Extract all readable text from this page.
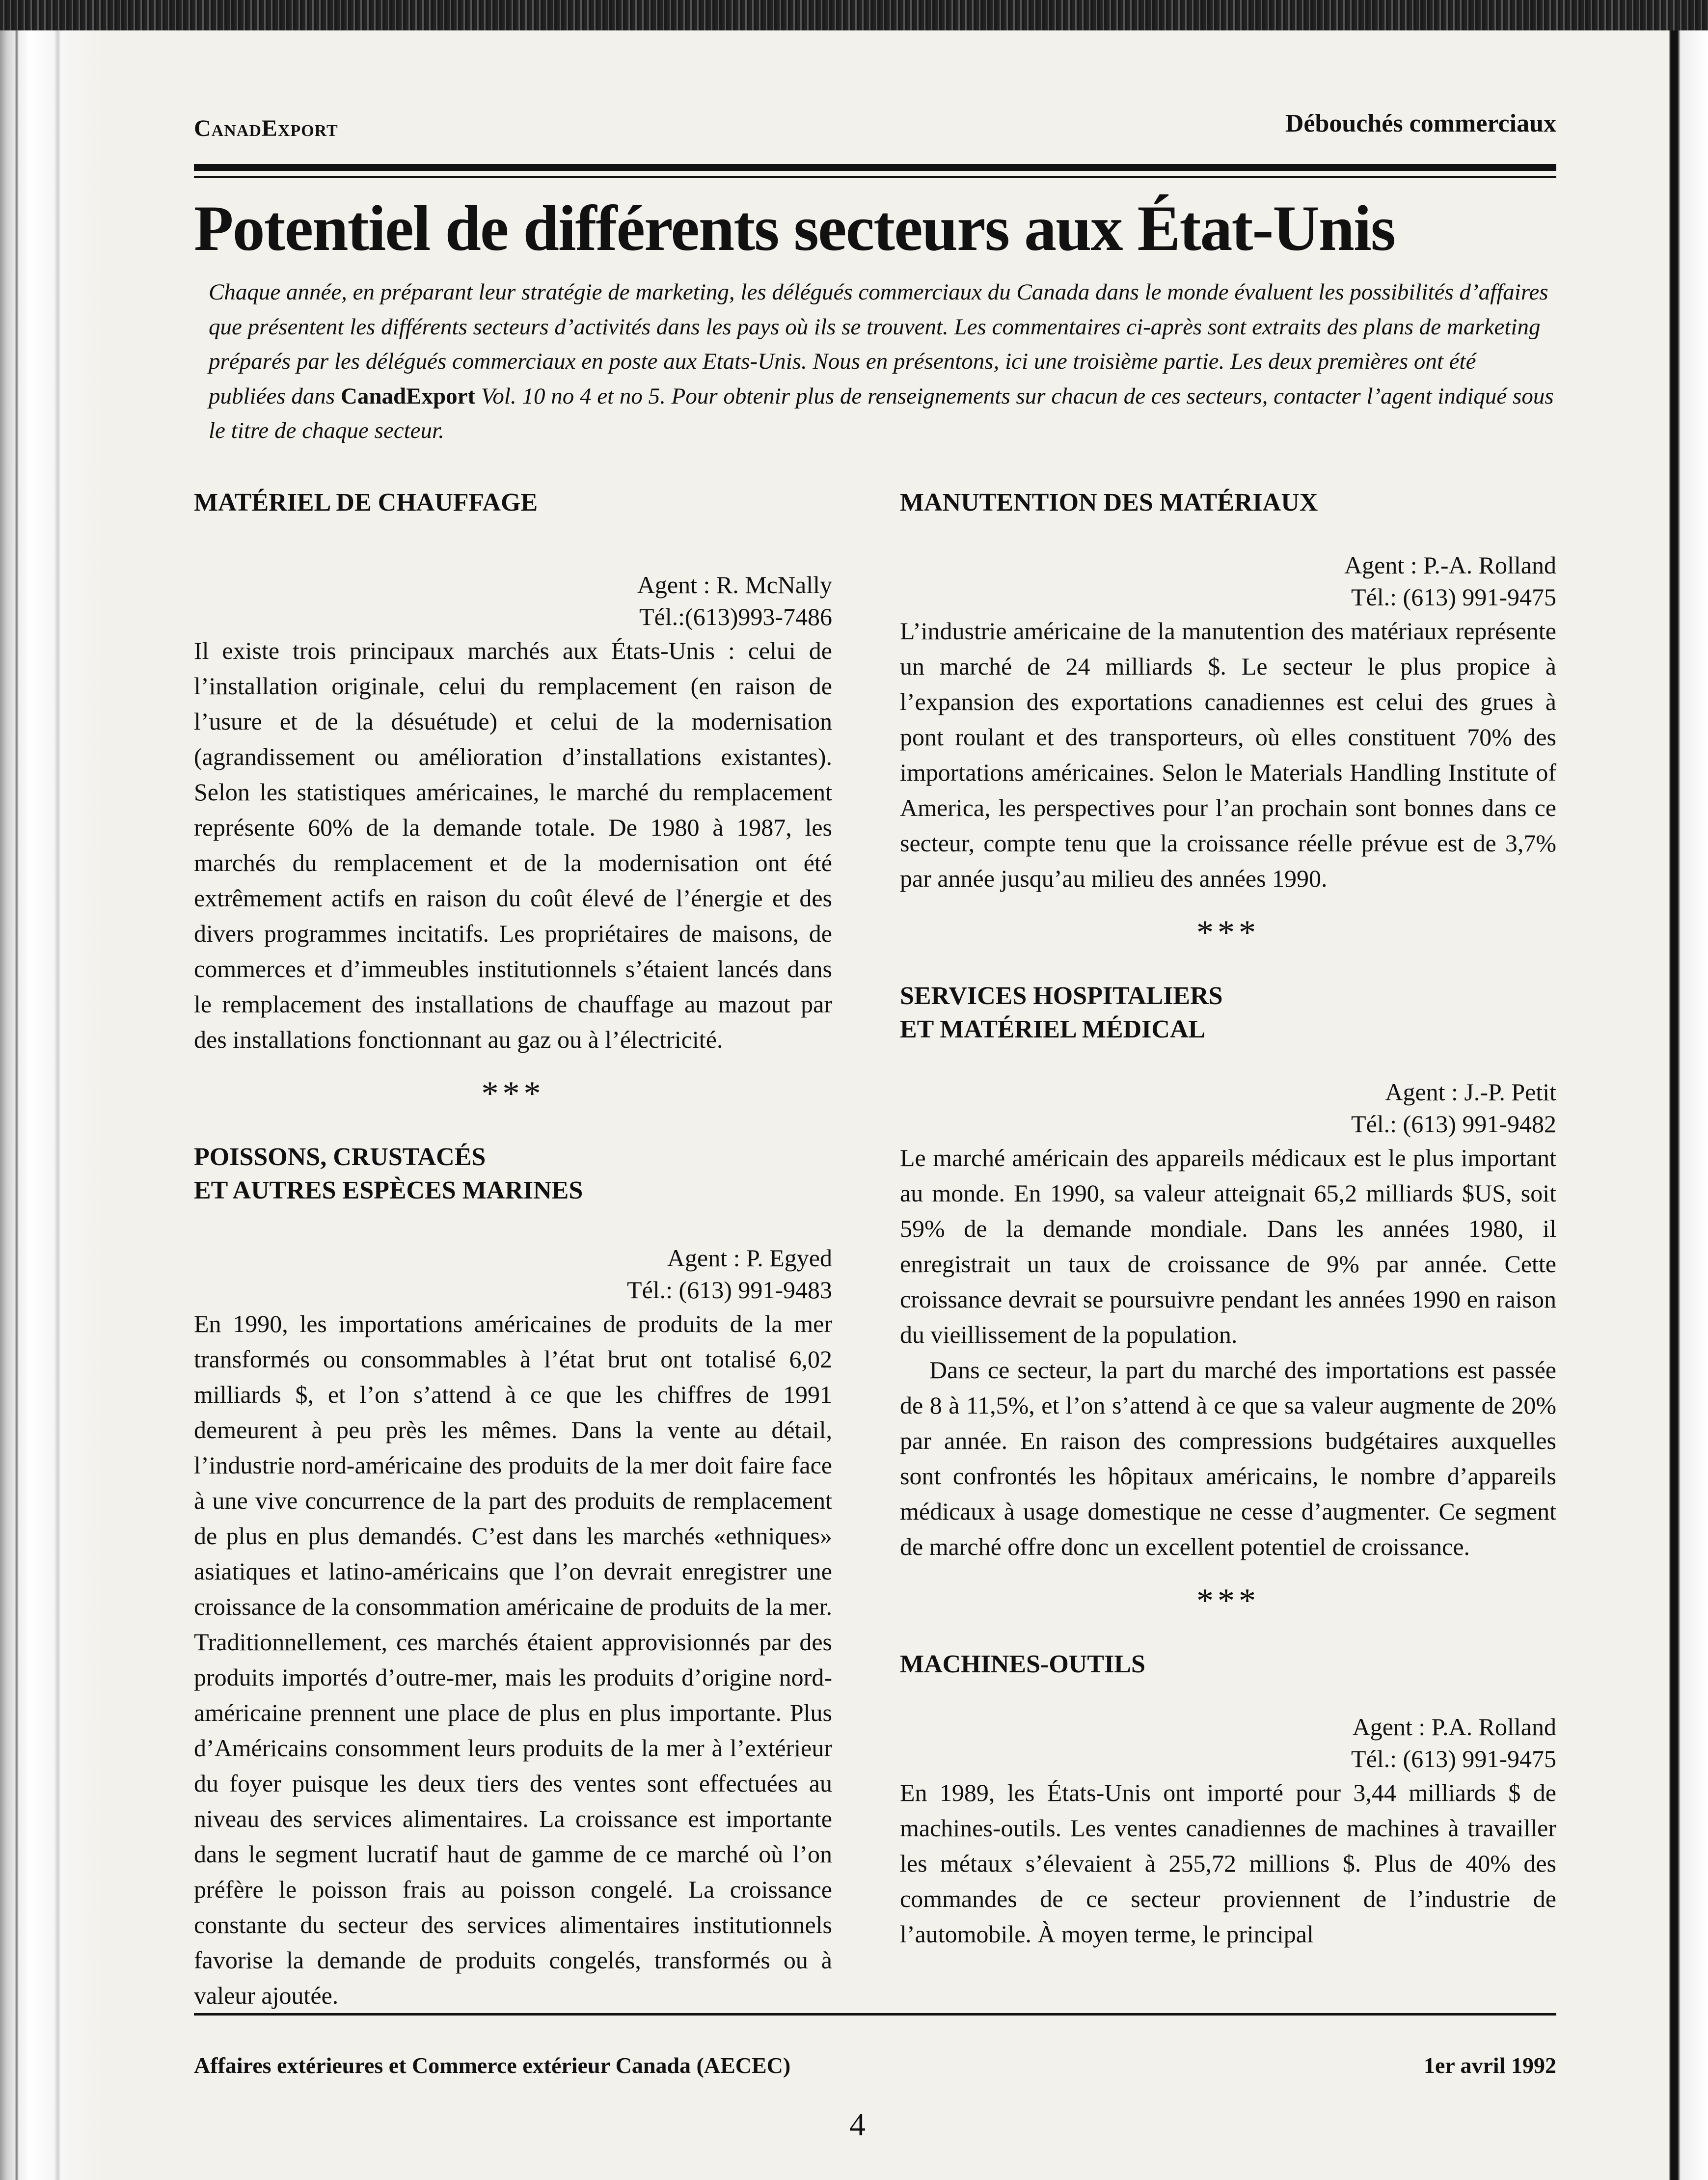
CanadExport	Débouchés commerciaux
Potentiel de différents secteurs aux État-Unis

Chaque année, en préparant leur stratégie de marketing, les délégués commerciaux du Canada dans le monde évaluent les possibilités d’affaires que présentent les différents secteurs d’activités dans les pays où ils se trouvent. Les commentaires ci-après sont extraits des plans de marketing préparés par les délégués commerciaux en poste aux Etats-Unis. Nous en présentons, ici une troisième partie. Les deux premières ont été publiées dans CanadExport Vol. 10 no 4 et no 5. Pour obtenir plus de renseignements sur chacun de ces secteurs, contacter l’agent indiqué sous le titre de chaque secteur.

MATÉRIEL DE CHAUFFAGE
Agent : R. McNally
Tél.:(613)993-7486

Il existe trois principaux marchés aux États-Unis : celui de l’installation originale, celui du remplacement (en raison de l’usure et de la désuétude) et celui de la modernisation (agrandissement ou amélioration d’installations existantes). Selon les statistiques américaines, le marché du remplacement représente 60% de la demande totale. De 1980 à 1987, les marchés du remplacement et de la modernisation ont été extrêmement actifs en raison du coût élevé de l’énergie et des divers programmes incitatifs. Les propriétaires de maisons, de commerces et d’immeubles institutionnels s’étaient lancés dans le remplacement des installations de chauffage au mazout par des installations fonctionnant au gaz ou à l’électricité.

***
POISSONS, CRUSTACÉS
ET AUTRES ESPÈCES MARINES
Agent : P. Egyed
Tél.: (613) 991-9483

En 1990, les importations américaines de produits de la mer transformés ou consommables à l’état brut ont totalisé 6,02 milliards $, et l’on s’attend à ce que les chiffres de 1991 demeurent à peu près les mêmes. Dans la vente au détail, l’industrie nord-américaine des produits de la mer doit faire face à une vive concurrence de la part des produits de remplacement de plus en plus demandés. C’est dans les marchés «ethniques» asiatiques et latino-américains que l’on devrait enregistrer une croissance de la consommation américaine de produits de la mer. Traditionnellement, ces marchés étaient approvisionnés par des produits importés d’outre-mer, mais les produits d’origine nord-américaine prennent une place de plus en plus importante. Plus d’Américains consomment leurs produits de la mer à l’extérieur du foyer puisque les deux tiers des ventes sont effectuées au niveau des services alimentaires. La croissance est importante dans le segment lucratif haut de gamme de ce marché où l’on préfère le poisson frais au poisson congelé. La croissance constante du secteur des services alimentaires institutionnels favorise la demande de produits congelés, transformés ou à valeur ajoutée.

MANUTENTION DES MATÉRIAUX
Agent : P.-A. Rolland
Tél.: (613) 991-9475

L’industrie américaine de la manutention des matériaux représente un marché de 24 milliards $. Le secteur le plus propice à l’expansion des exportations canadiennes est celui des grues à pont roulant et des transporteurs, où elles constituent 70% des importations américaines. Selon le Materials Handling Institute of America, les perspectives pour l’an prochain sont bonnes dans ce secteur, compte tenu que la croissance réelle prévue est de 3,7% par année jusqu’au milieu des années 1990.

***
SERVICES HOSPITALIERS
ET MATÉRIEL MÉDICAL
Agent : J.-P. Petit
Tél.: (613) 991-9482

Le marché américain des appareils médicaux est le plus important au monde. En 1990, sa valeur atteignait 65,2 milliards $US, soit 59% de la demande mondiale. Dans les années 1980, il enregistrait un taux de croissance de 9% par année. Cette croissance devrait se poursuivre pendant les années 1990 en raison du vieillissement de la population.

Dans ce secteur, la part du marché des importations est passée de 8 à 11,5%, et l’on s’attend à ce que sa valeur augmente de 20% par année. En raison des compressions budgétaires auxquelles sont confrontés les hôpitaux américains, le nombre d’appareils médicaux à usage domestique ne cesse d’augmenter. Ce segment de marché offre donc un excellent potentiel de croissance.

***
MACHINES-OUTILS
Agent : P.A. Rolland
Tél.: (613) 991-9475

En 1989, les États-Unis ont importé pour 3,44 milliards $ de machines-outils. Les ventes canadiennes de machines à travailler les métaux s’élevaient à 255,72 millions $. Plus de 40% des commandes de ce secteur proviennent de l’industrie de l’automobile. À moyen terme, le principal

Affaires extérieures et Commerce extérieur Canada (AECEC)	1er avril 1992
4
